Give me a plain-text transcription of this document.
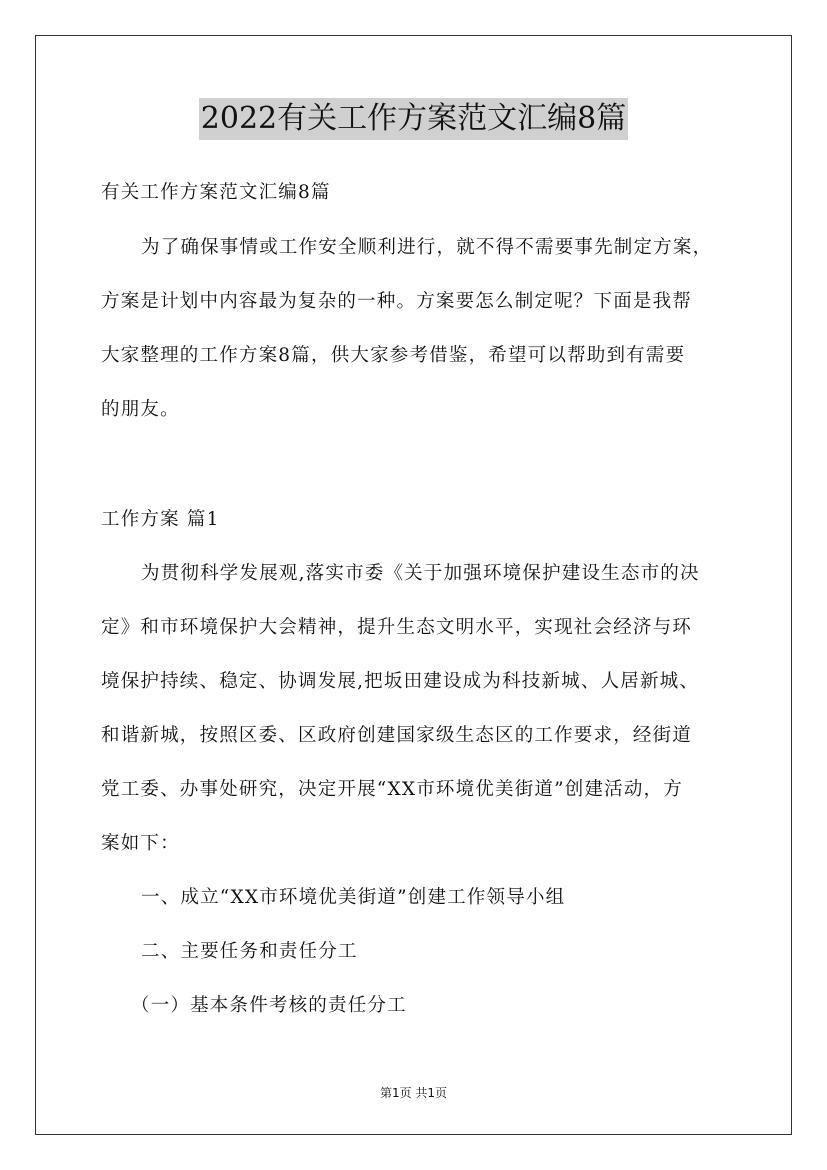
2022有关工作方案范文汇编8篇
有关工作方案范文汇编8篇
为了确保事情或工作安全顺利进行，就不得不需要事先制定方案，
方案是计划中内容最为复杂的一种。方案要怎么制定呢？下面是我帮
大家整理的工作方案8篇，供大家参考借鉴，希望可以帮助到有需要
的朋友。
工作方案 篇1
为贯彻科学发展观,落实市委《关于加强环境保护建设生态市的决
定》和市环境保护大会精神，提升生态文明水平，实现社会经济与环
境保护持续、稳定、协调发展,把坂田建设成为科技新城、人居新城、
和谐新城，按照区委、区政府创建国家级生态区的工作要求，经街道
党工委、办事处研究，决定开展“XX市环境优美街道”创建活动，方
案如下：
一、成立“XX市环境优美街道”创建工作领导小组
二、主要任务和责任分工
（一）基本条件考核的责任分工
第1页 共1页
